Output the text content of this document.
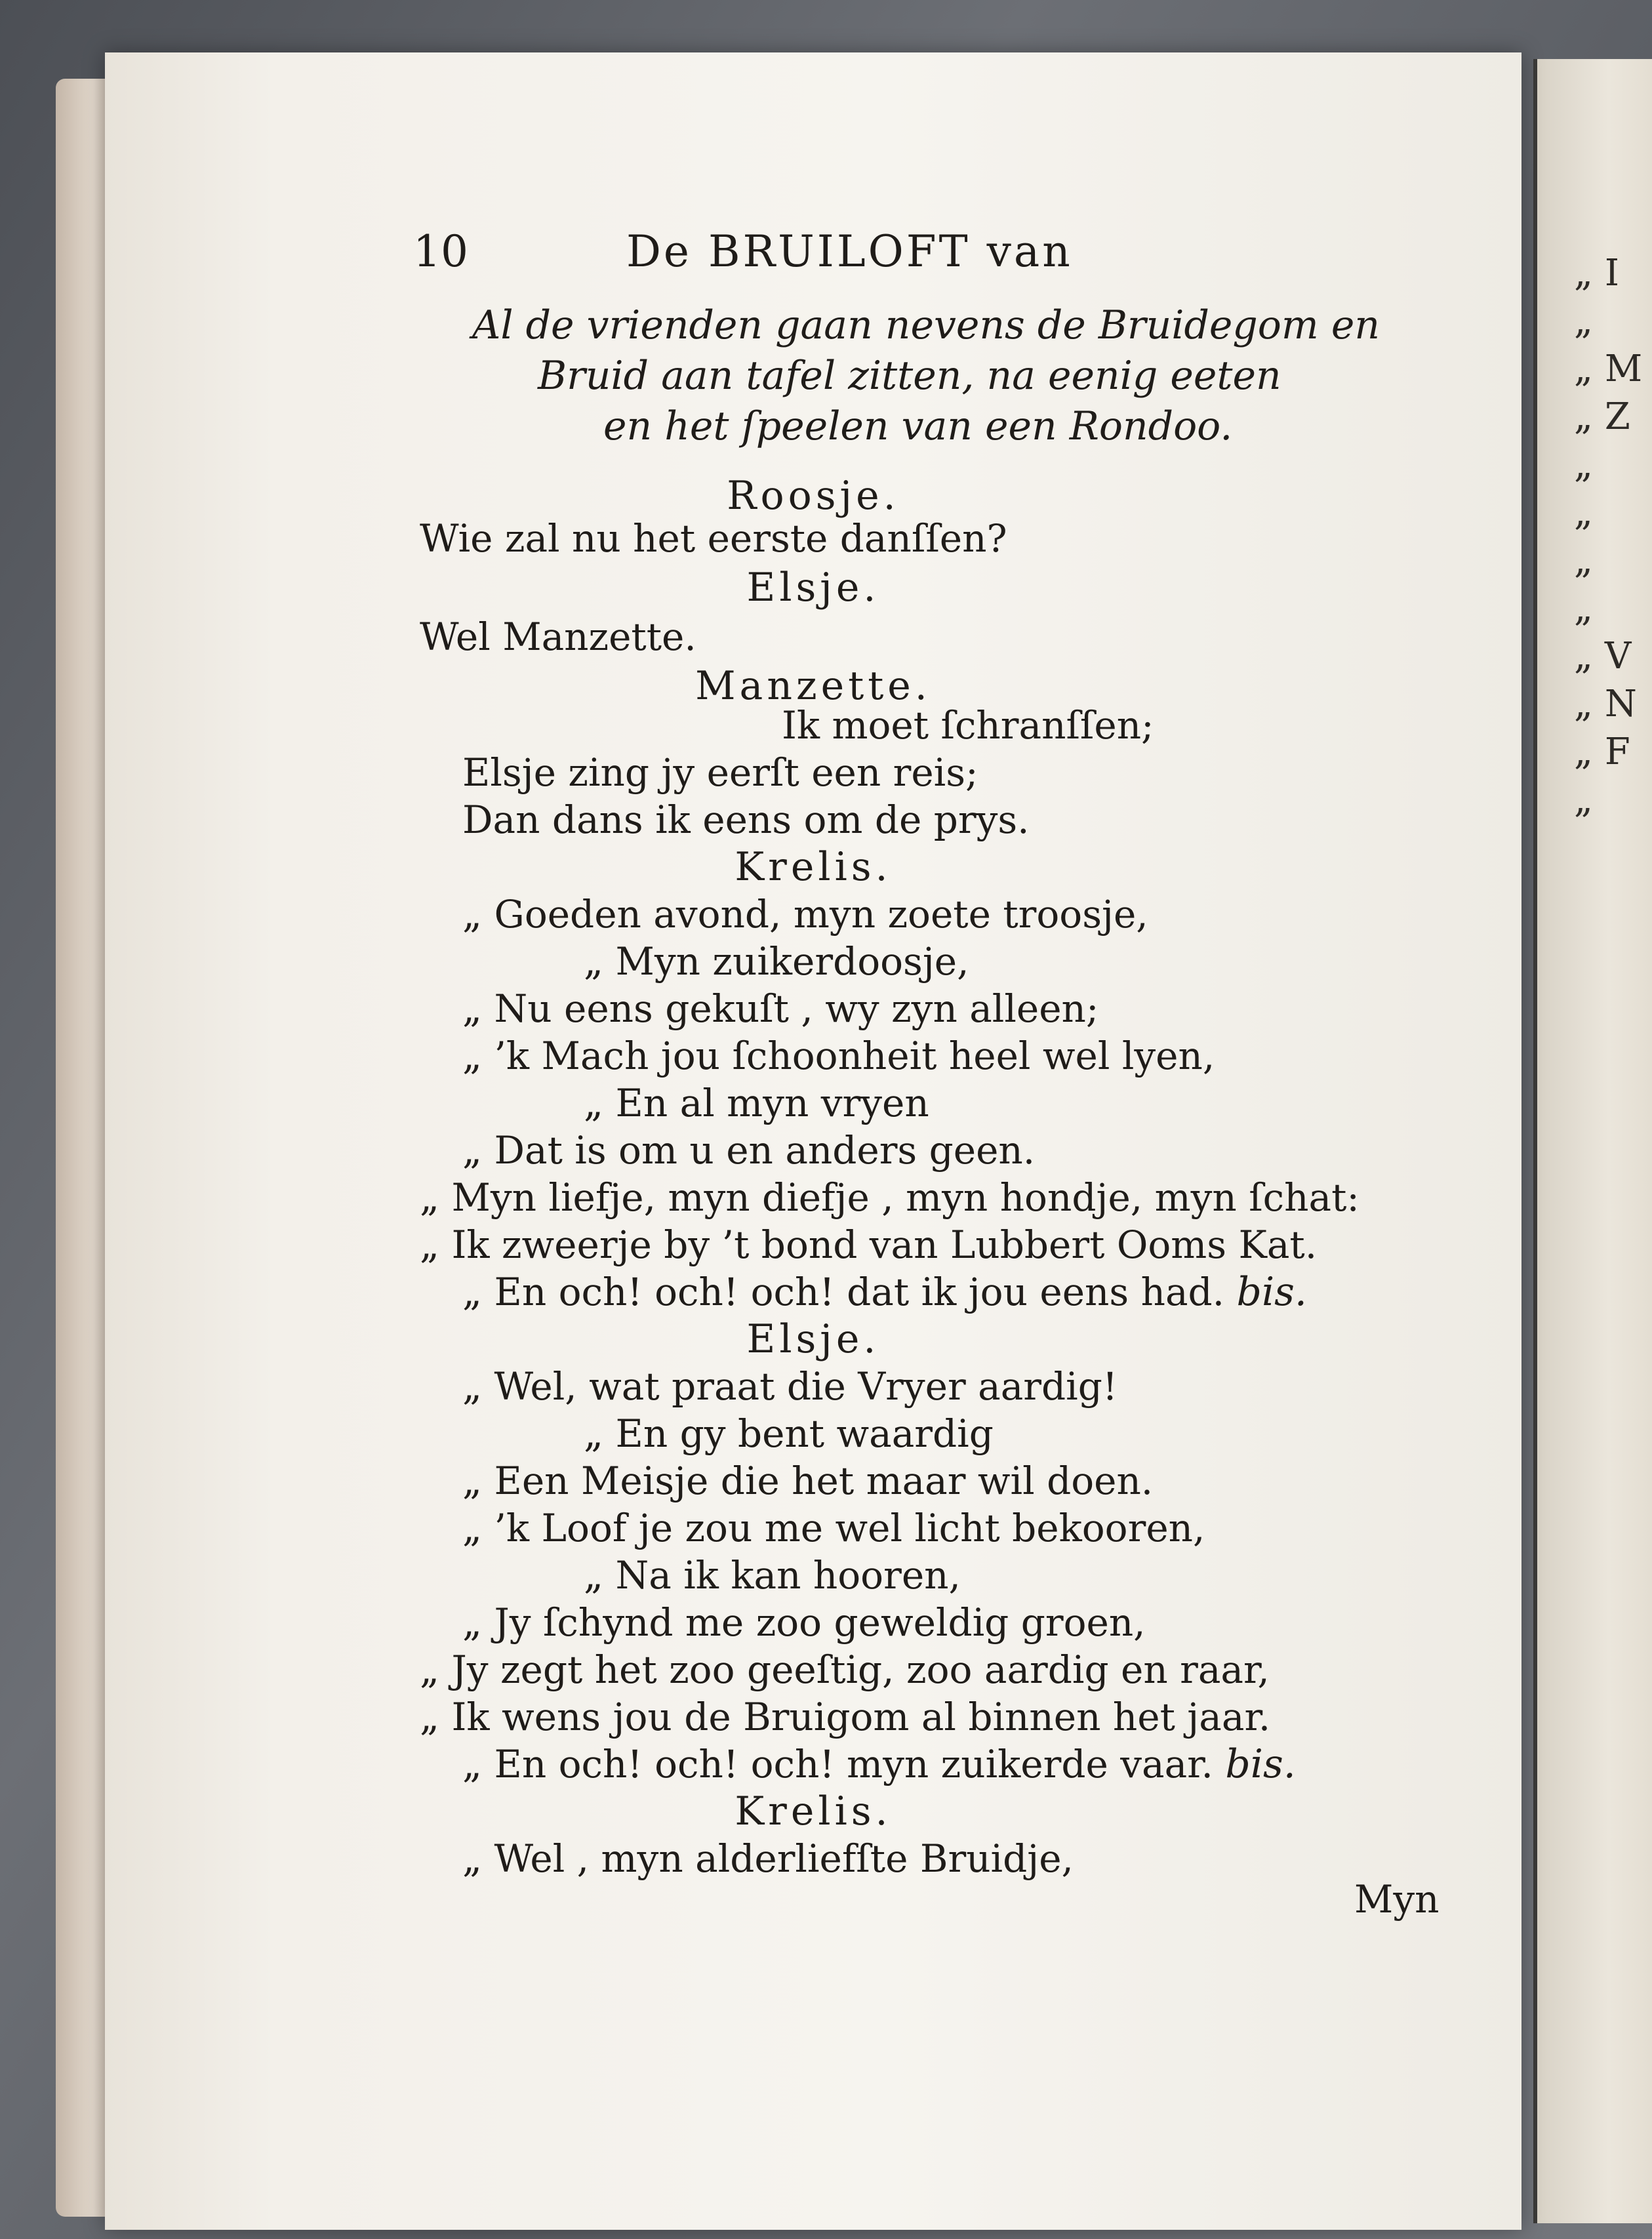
„ I
„
„ M
„ Z
„
„
„
„
„ V
„ N
„ F
„
10	De BRUILOFT van
Al de vrienden gaan nevens de Bruidegom en
Bruid aan tafel zitten, na eenig eeten
en het ſpeelen van een Rondoo.
Roosje.
Wie zal nu het eerste danſſen?
Elsje.
Wel Manzette.
Manzette.
Ik moet ſchranſſen;
Elsje zing jy eerſt een reis;
Dan dans ik eens om de prys.
Krelis.
„ Goeden avond, myn zoete troosje,
„ Myn zuikerdoosje,
„ Nu eens gekuſt , wy zyn alleen;
„ ’k Mach jou ſchoonheit heel wel lyen,
„ En al myn vryen
„ Dat is om u en anders geen.
„ Myn liefje, myn diefje , myn hondje, myn ſchat:
„ Ik zweerje by ’t bond van Lubbert Ooms Kat.
„ En och! och! och! dat ik jou eens had. bis.
Elsje.
„ Wel, wat praat die Vryer aardig!
„ En gy bent waardig
„ Een Meisje die het maar wil doen.
„ ’k Loof je zou me wel licht bekooren,
„ Na ik kan hooren,
„ Jy ſchynd me zoo geweldig groen,
„ Jy zegt het zoo geeſtig, zoo aardig en raar,
„ Ik wens jou de Bruigom al binnen het jaar.
„ En och! och! och! myn zuikerde vaar. bis.
Krelis.
„ Wel , myn alderliefſte Bruidje,
Myn
